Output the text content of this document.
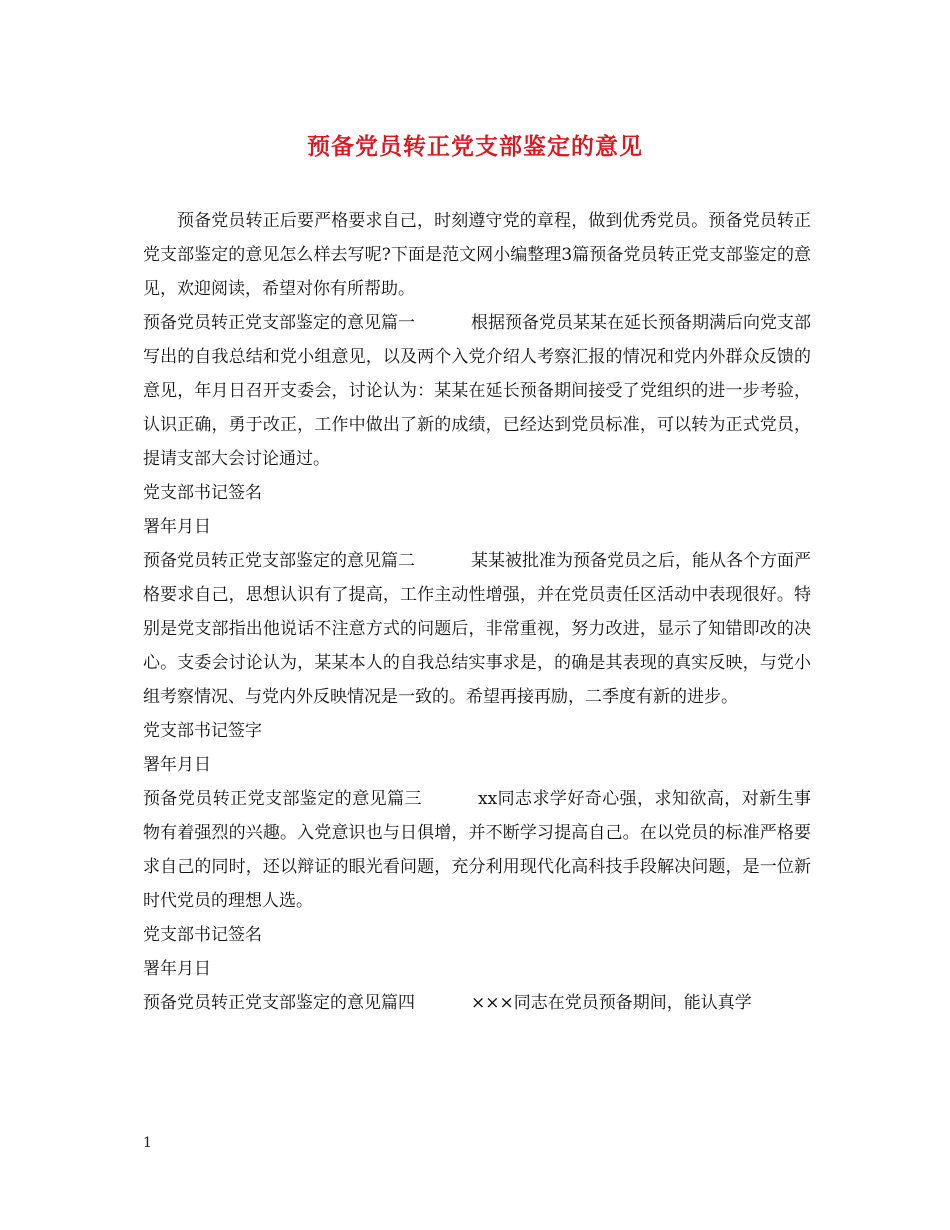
预备党员转正党支部鉴定的意见

预备党员转正后要严格要求自己，时刻遵守党的章程，做到优秀党员。预备党员转正党支部鉴定的意见怎么样去写呢?下面是范文网小编整理3篇预备党员转正党支部鉴定的意见，欢迎阅读，希望对你有所帮助。

预备党员转正党支部鉴定的意见篇一	根据预备党员某某在延长预备期满后向党支部写出的自我总结和党小组意见，以及两个入党介绍人考察汇报的情况和党内外群众反馈的意见，年月日召开支委会，讨论认为：某某在延长预备期间接受了党组织的进一步考验，认识正确，勇于改正，工作中做出了新的成绩，已经达到党员标准，可以转为正式党员，提请支部大会讨论通过。

党支部书记签名

署年月日

预备党员转正党支部鉴定的意见篇二	某某被批准为预备党员之后，能从各个方面严格要求自己，思想认识有了提高，工作主动性增强，并在党员责任区活动中表现很好。特别是党支部指出他说话不注意方式的问题后，非常重视，努力改进，显示了知错即改的决心。支委会讨论认为，某某本人的自我总结实事求是，的确是其表现的真实反映，与党小组考察情况、与党内外反映情况是一致的。希望再接再励，二季度有新的进步。

党支部书记签字

署年月日

预备党员转正党支部鉴定的意见篇三	xx同志求学好奇心强，求知欲高，对新生事物有着强烈的兴趣。入党意识也与日俱增，并不断学习提高自己。在以党员的标准严格要求自己的同时，还以辩证的眼光看问题，充分利用现代化高科技手段解决问题，是一位新时代党员的理想人选。

党支部书记签名

署年月日

预备党员转正党支部鉴定的意见篇四	×××同志在党员预备期间，能认真学

1
